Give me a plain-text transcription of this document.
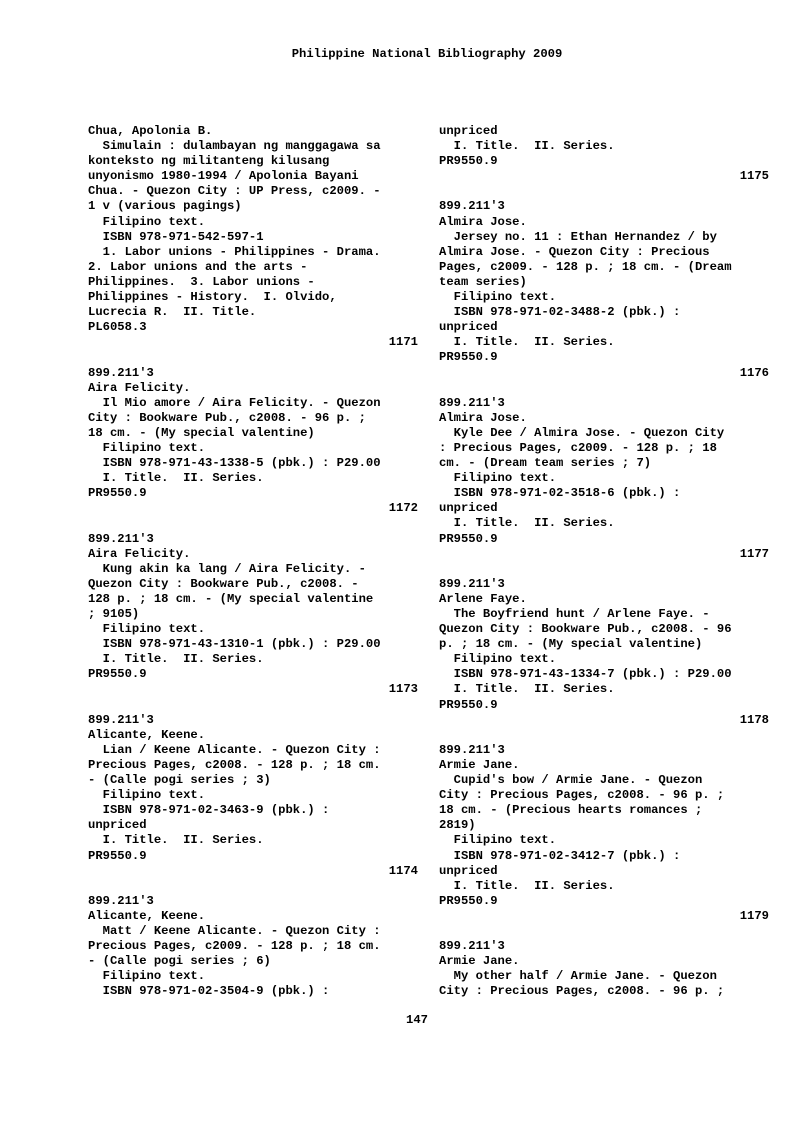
Philippine National Bibliography 2009
Chua, Apolonia B.
Simulain : dulambayan ng manggagawa sa
konteksto ng militanteng kilusang
unyonismo 1980-1994 / Apolonia Bayani
Chua. - Quezon City : UP Press, c2009. -
1 v (various pagings)
Filipino text.
ISBN 978-971-542-597-1
1. Labor unions - Philippines - Drama.
2. Labor unions and the arts -
Philippines.  3. Labor unions -
Philippines - History.  I. Olvido,
Lucrecia R.  II. Title.
PL6058.3
1171
899.211'3
Aira Felicity.
Il Mio amore / Aira Felicity. - Quezon
City : Bookware Pub., c2008. - 96 p. ;
18 cm. - (My special valentine)
Filipino text.
ISBN 978-971-43-1338-5 (pbk.) : P29.00
I. Title.  II. Series.
PR9550.9
1172
899.211'3
Aira Felicity.
Kung akin ka lang / Aira Felicity. -
Quezon City : Bookware Pub., c2008. -
128 p. ; 18 cm. - (My special valentine
; 9105)
Filipino text.
ISBN 978-971-43-1310-1 (pbk.) : P29.00
I. Title.  II. Series.
PR9550.9
1173
899.211'3
Alicante, Keene.
Lian / Keene Alicante. - Quezon City :
Precious Pages, c2008. - 128 p. ; 18 cm.
- (Calle pogi series ; 3)
Filipino text.
ISBN 978-971-02-3463-9 (pbk.) :
unpriced
I. Title.  II. Series.
PR9550.9
1174
899.211'3
Alicante, Keene.
Matt / Keene Alicante. - Quezon City :
Precious Pages, c2009. - 128 p. ; 18 cm.
- (Calle pogi series ; 6)
Filipino text.
ISBN 978-971-02-3504-9 (pbk.) :
unpriced
I. Title.  II. Series.
PR9550.9
1175
899.211'3
Almira Jose.
Jersey no. 11 : Ethan Hernandez / by
Almira Jose. - Quezon City : Precious
Pages, c2009. - 128 p. ; 18 cm. - (Dream
team series)
Filipino text.
ISBN 978-971-02-3488-2 (pbk.) :
unpriced
I. Title.  II. Series.
PR9550.9
1176
899.211'3
Almira Jose.
Kyle Dee / Almira Jose. - Quezon City
: Precious Pages, c2009. - 128 p. ; 18
cm. - (Dream team series ; 7)
Filipino text.
ISBN 978-971-02-3518-6 (pbk.) :
unpriced
I. Title.  II. Series.
PR9550.9
1177
899.211'3
Arlene Faye.
The Boyfriend hunt / Arlene Faye. -
Quezon City : Bookware Pub., c2008. - 96
p. ; 18 cm. - (My special valentine)
Filipino text.
ISBN 978-971-43-1334-7 (pbk.) : P29.00
I. Title.  II. Series.
PR9550.9
1178
899.211'3
Armie Jane.
Cupid's bow / Armie Jane. - Quezon
City : Precious Pages, c2008. - 96 p. ;
18 cm. - (Precious hearts romances ;
2819)
Filipino text.
ISBN 978-971-02-3412-7 (pbk.) :
unpriced
I. Title.  II. Series.
PR9550.9
1179
899.211'3
Armie Jane.
My other half / Armie Jane. - Quezon
City : Precious Pages, c2008. - 96 p. ;
147
